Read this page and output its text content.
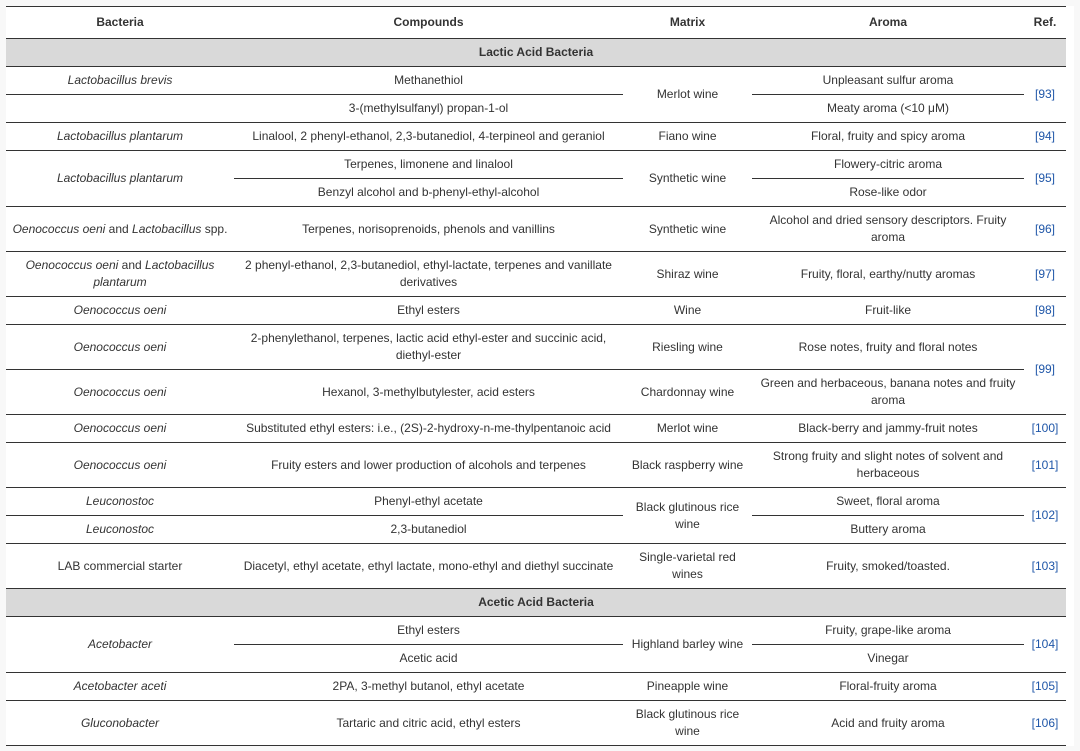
Bacteria	Compounds	Matrix	Aroma	Ref.
Lactic Acid Bacteria				
Lactobacillus brevis	Methanethiol	Merlot wine	Unpleasant sulfur aroma	[93]
	3-(methylsulfanyl) propan-1-ol		Meaty aroma (<10 μM)	
Lactobacillus plantarum	Linalool, 2 phenyl-ethanol, 2,3-butanediol, 4-terpineol and geraniol	Fiano wine	Floral, fruity and spicy aroma	[94]
Lactobacillus plantarum	Terpenes, limonene and linalool	Synthetic wine	Flowery-citric aroma	[95]
	Benzyl alcohol and b-phenyl-ethyl-alcohol		Rose-like odor	
Oenococcus oeni and Lactobacillus spp.	Terpenes, norisoprenoids, phenols and vanillins	Synthetic wine	Alcohol and dried sensory descriptors. Fruity aroma	[96]
Oenococcus oeni and Lactobacillus plantarum	2 phenyl-ethanol, 2,3-butanediol, ethyl-lactate, terpenes and vanillate derivatives	Shiraz wine	Fruity, floral, earthy/nutty aromas	[97]
Oenococcus oeni	Ethyl esters	Wine	Fruit-like	[98]
Oenococcus oeni	2-phenylethanol, terpenes, lactic acid ethyl-ester and succinic acid, diethyl-ester	Riesling wine	Rose notes, fruity and floral notes	[99]
Oenococcus oeni	Hexanol, 3-methylbutylester, acid esters	Chardonnay wine	Green and herbaceous, banana notes and fruity aroma	
Oenococcus oeni	Substituted ethyl esters: i.e., (2S)-2-hydroxy-n-me-thylpentanoic acid	Merlot wine	Black-berry and jammy-fruit notes	[100]
Oenococcus oeni	Fruity esters and lower production of alcohols and terpenes	Black raspberry wine	Strong fruity and slight notes of solvent and herbaceous	[101]
Leuconostoc	Phenyl-ethyl acetate	Black glutinous rice wine	Sweet, floral aroma	[102]
Leuconostoc	2,3-butanediol		Buttery aroma	
LAB commercial starter	Diacetyl, ethyl acetate, ethyl lactate, mono-ethyl and diethyl succinate	Single-varietal red wines	Fruity, smoked/toasted.	[103]
Acetic Acid Bacteria				
Acetobacter	Ethyl esters	Highland barley wine	Fruity, grape-like aroma	[104]
	Acetic acid		Vinegar	
Acetobacter aceti	2PA, 3-methyl butanol, ethyl acetate	Pineapple wine	Floral-fruity aroma	[105]
Gluconobacter	Tartaric and citric acid, ethyl esters	Black glutinous rice wine	Acid and fruity aroma	[106]
